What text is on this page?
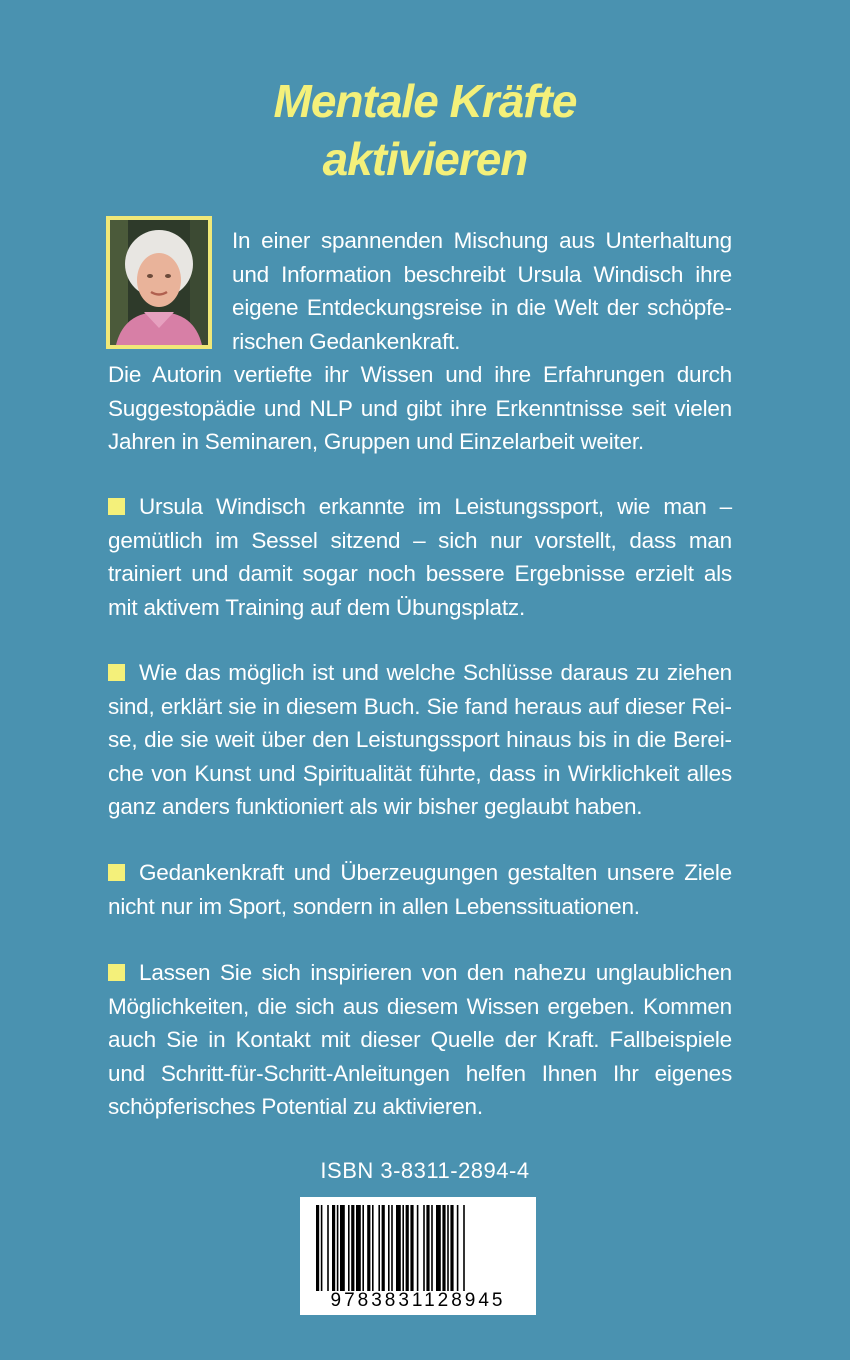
Mentale Kräfte
aktivieren

In einer spannenden Mischung aus Unterhaltung und Information beschreibt Ursula Windisch ihre eigene Entdeckungsreise in die Welt der schöpferischen Gedankenkraft.

Die Autorin vertiefte ihr Wissen und ihre Erfahrungen durch Suggestopädie und NLP und gibt ihre Erkenntnisse seit vielen Jahren in Seminaren, Gruppen und Einzelarbeit weiter.

Ursula Windisch erkannte im Leistungssport, wie man – gemütlich im Sessel sitzend – sich nur vorstellt, dass man trainiert und damit sogar noch bessere Ergebnisse erzielt als mit aktivem Training auf dem Übungsplatz.
Wie das möglich ist und welche Schlüsse daraus zu ziehen sind, erklärt sie in diesem Buch. Sie fand heraus auf dieser Reise, die sie weit über den Leistungssport hinaus bis in die Bereiche von Kunst und Spiritualität führte, dass in Wirklichkeit alles ganz anders funktioniert als wir bisher geglaubt haben.
Gedankenkraft und Überzeugungen gestalten unsere Ziele nicht nur im Sport, sondern in allen Lebenssituationen.
Lassen Sie sich inspirieren von den nahezu unglaublichen Möglichkeiten, die sich aus diesem Wissen ergeben. Kommen auch Sie in Kontakt mit dieser Quelle der Kraft. Fallbeispiele und Schritt-für-Schritt-Anleitungen helfen Ihnen Ihr eigenes schöpferisches Potential zu aktivieren.
ISBN 3-8311-2894-4
9783831128945
